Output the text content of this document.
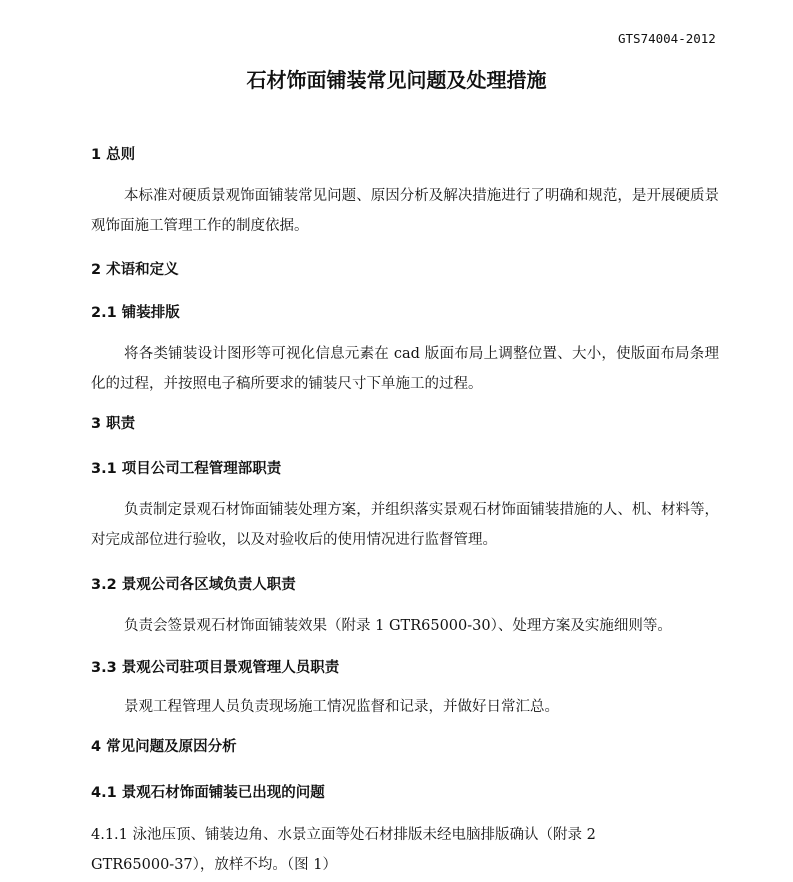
GTS74004-2012
石材饰面铺装常见问题及处理措施
1 总则
本标准对硬质景观饰面铺装常见问题、原因分析及解决措施进行了明确和规范，是开展硬质景观饰面施工管理工作的制度依据。
2 术语和定义
2.1 铺装排版
将各类铺装设计图形等可视化信息元素在 cad 版面布局上调整位置、大小，使版面布局条理化的过程，并按照电子稿所要求的铺装尺寸下单施工的过程。
3 职责
3.1 项目公司工程管理部职责
负责制定景观石材饰面铺装处理方案，并组织落实景观石材饰面铺装措施的人、机、材料等，对完成部位进行验收，以及对验收后的使用情况进行监督管理。
3.2 景观公司各区域负责人职责
负责会签景观石材饰面铺装效果（附录 1 GTR65000-30）、处理方案及实施细则等。
3.3 景观公司驻项目景观管理人员职责
景观工程管理人员负责现场施工情况监督和记录，并做好日常汇总。
4 常见问题及原因分析
4.1 景观石材饰面铺装已出现的问题
4.1.1 泳池压顶、铺装边角、水景立面等处石材排版未经电脑排版确认（附录 2
GTR65000-37），放样不均。（图 1）
